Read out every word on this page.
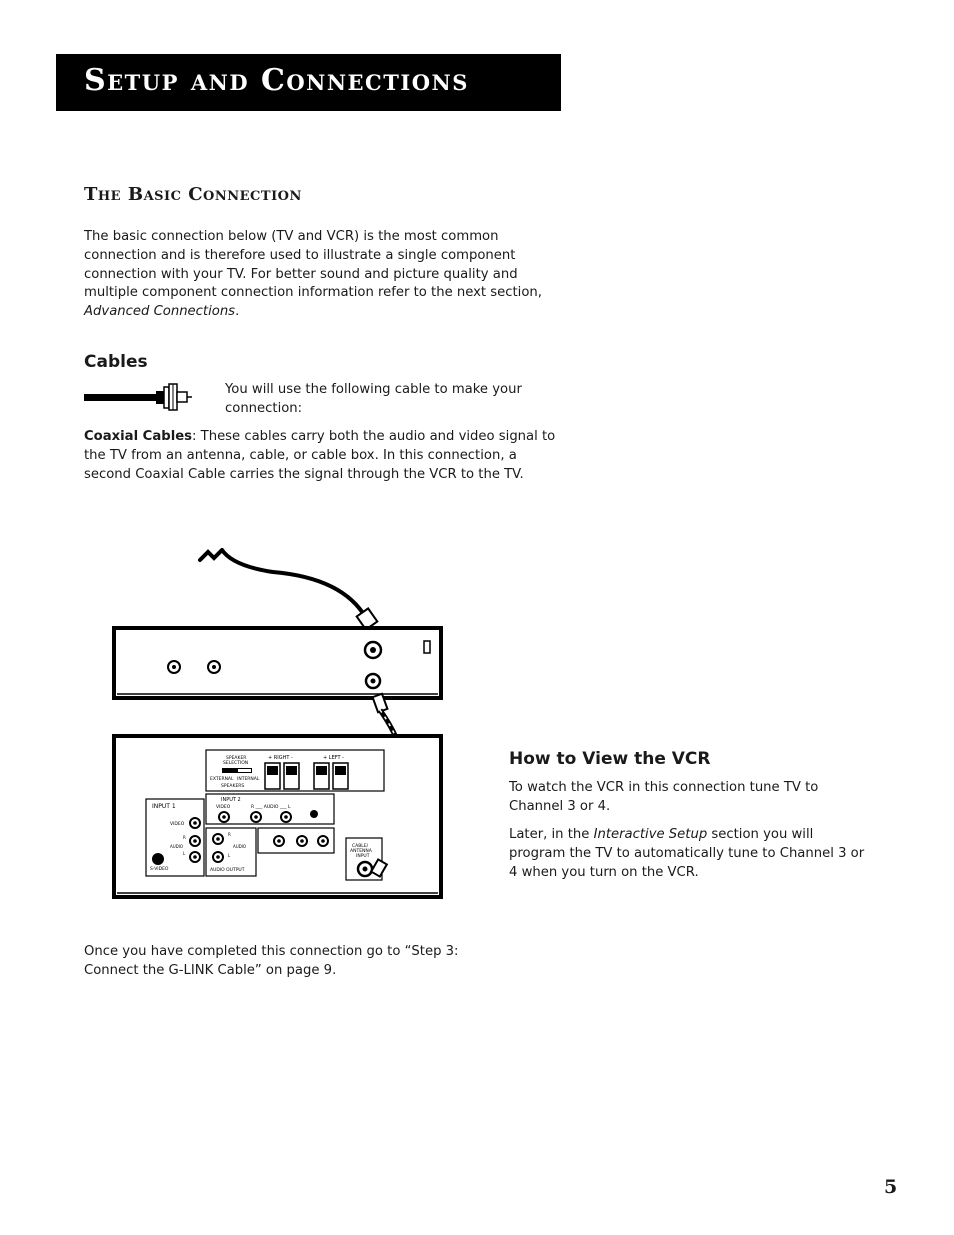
Setup and Connections
The Basic Connection
The basic connection below (TV and VCR) is the most common connection and is therefore used to illustrate a single component connection with your TV. For better sound and picture quality and multiple component connection information refer to the next section, Advanced Connections.
Cables
You will use the following cable to make your connection:
Coaxial Cables: These cables carry both the audio and video signal to the TV from an antenna, cable, or cable box. In this connection, a second Coaxial Cable carries the signal through the VCR to the TV.
SPEAKER
SELECTION
EXTERNAL INTERNAL
SPEAKERS
+ RIGHT -	+ LEFT -
INPUT 1
VIDEO
R
AUDIO
L
S-VIDEO
INPUT 2
VIDEO	R ___ AUDIO ___ L
R
AUDIO
L
AUDIO OUTPUT
CABLE/
ANTENNA
INPUT
How to View the VCR
To watch the VCR in this connection tune TV to Channel 3 or 4.
Later, in the Interactive Setup section you will program the TV to automatically tune to Channel 3 or 4 when you turn on the VCR.
Once you have completed this connection go to “Step 3: Connect the G-LINK Cable” on page 9.
5
